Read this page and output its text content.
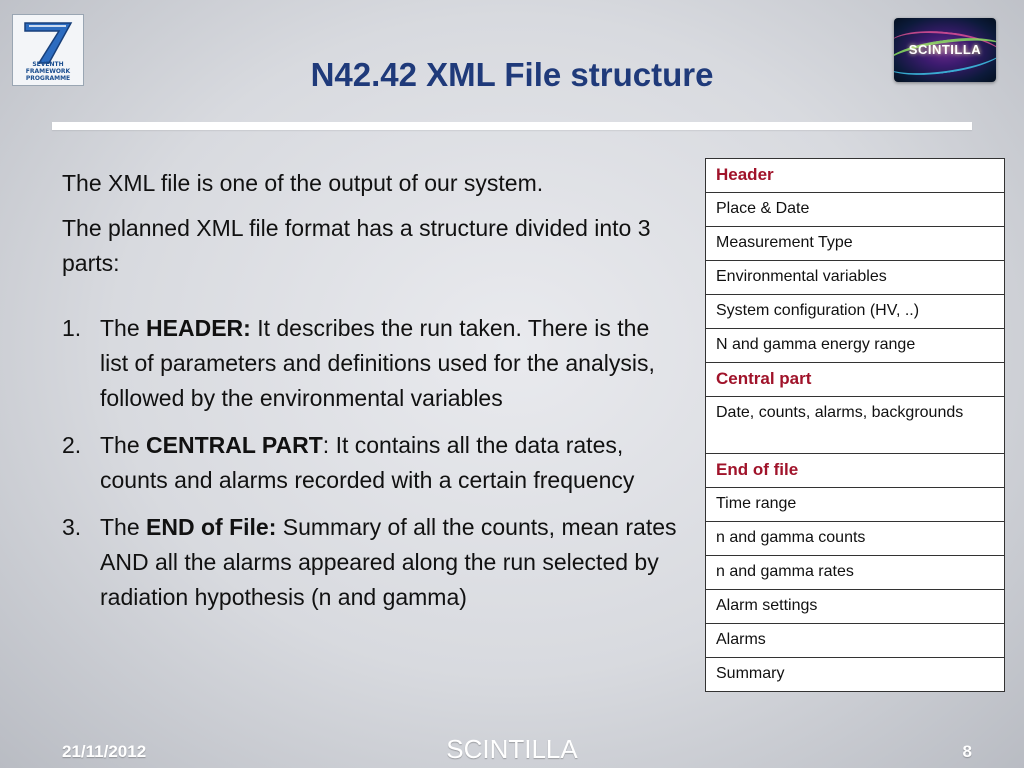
SEVENTH FRAMEWORK
PROGRAMME
SCINTILLA
N42.42 XML File structure

The XML file is one of the output of our system.

The planned XML file format has a structure divided into 3 parts:

1. The HEADER: It describes the run taken. There is the list of parameters and definitions used for the analysis, followed by the environmental variables
2. The CENTRAL PART: It contains all the data rates, counts and alarms recorded with a certain frequency
3. The END of File: Summary of all the counts, mean rates AND all the alarms appeared along the run selected by radiation hypothesis (n and gamma)
Header
Place & Date
Measurement Type
Environmental variables
System configuration (HV, ..)
N and gamma energy range
Central part
Date, counts, alarms, backgrounds
End of file
Time range
n and gamma counts
n and gamma rates
Alarm settings
Alarms
Summary
21/11/2012	SCINTILLA	8
